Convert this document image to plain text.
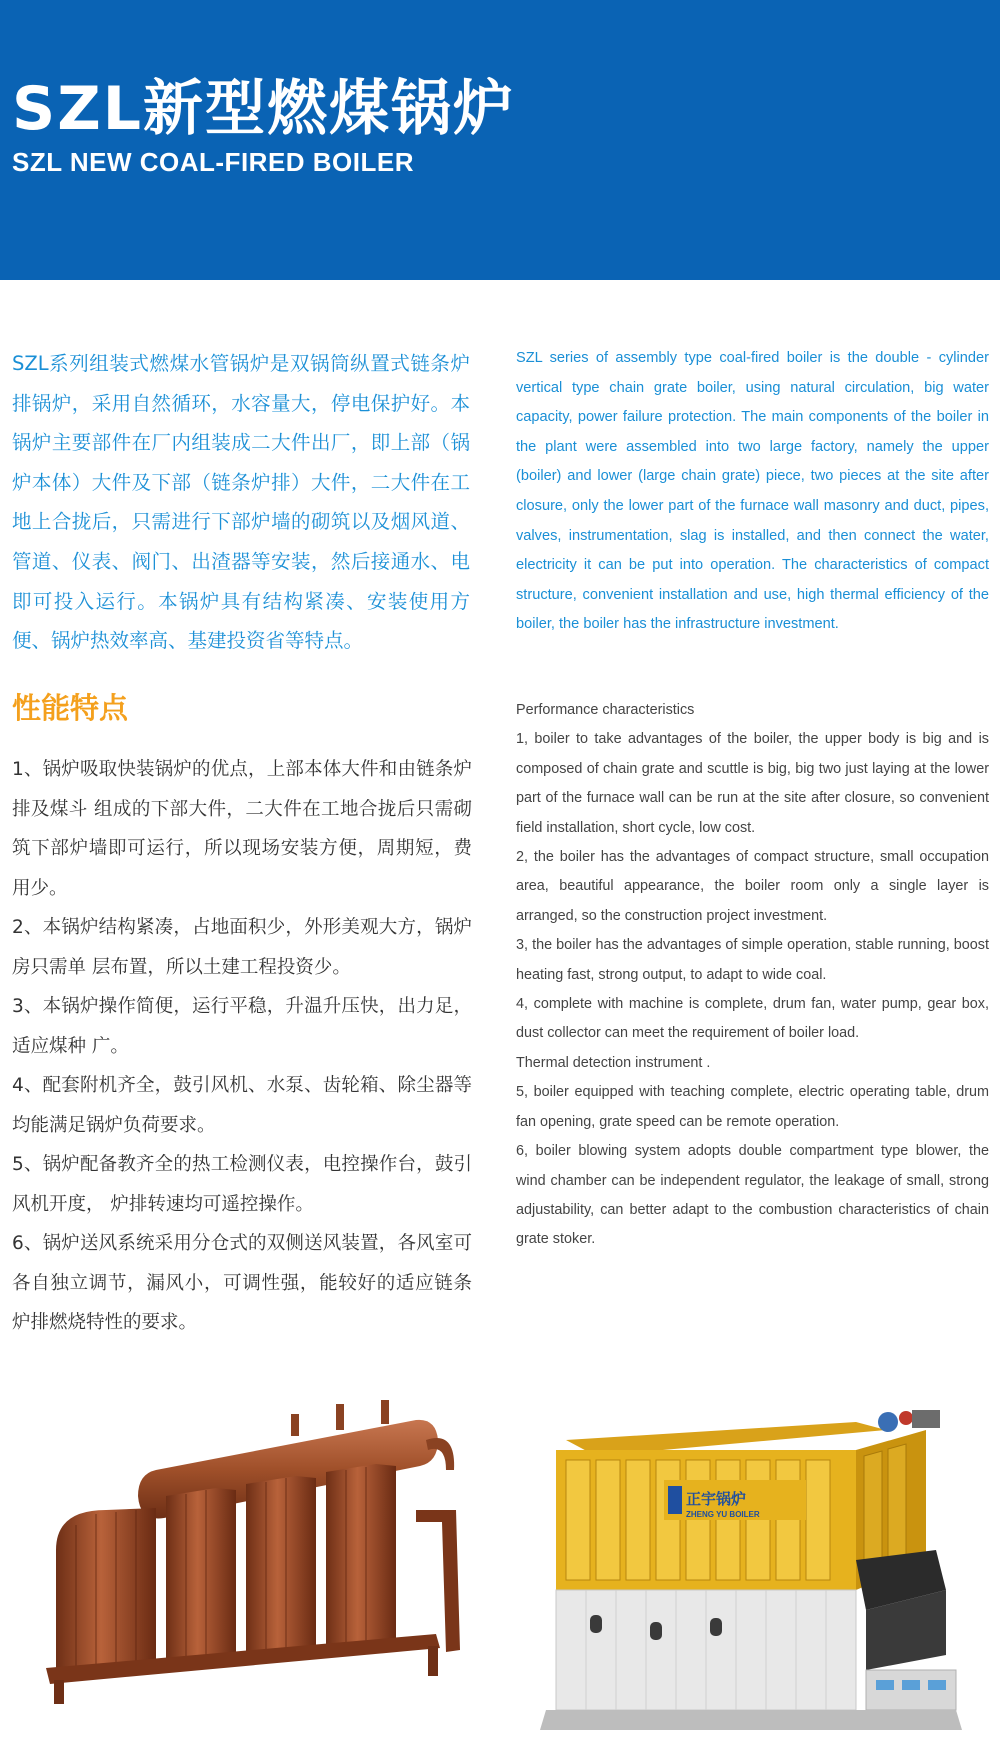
SZL新型燃煤锅炉
SZL NEW COAL-FIRED BOILER

SZL系列组装式燃煤水管锅炉是双锅筒纵置式链条炉排锅炉，采用自然循环，水容量大，停电保护好。本锅炉主要部件在厂内组装成二大件出厂，即上部（锅炉本体）大件及下部（链条炉排）大件，二大件在工地上合拢后，只需进行下部炉墙的砌筑以及烟风道、管道、仪表、阀门、出渣器等安装，然后接通水、电即可投入运行。本锅炉具有结构紧凑、安装使用方便、锅炉热效率高、基建投资省等特点。

SZL series of assembly type coal-fired boiler is the double - cylinder vertical type chain grate boiler, using natural circulation, big water capacity, power failure protection. The main components of the boiler in the plant were assembled into two large factory, namely the upper (boiler) and lower (large chain grate) piece, two pieces at the site after closure, only the lower part of the furnace wall masonry and duct, pipes, valves, instrumentation, slag is installed, and then connect the water, electricity it can be put into operation. The characteristics of compact structure, convenient installation and use, high thermal efficiency of the boiler, the boiler has the infrastructure investment.

性能特点

1、锅炉吸取快装锅炉的优点，上部本体大件和由链条炉排及煤斗 组成的下部大件，二大件在工地合拢后只需砌筑下部炉墙即可运行，所以现场安装方便，周期短，费用少。

2、本锅炉结构紧凑，占地面积少，外形美观大方，锅炉房只需单 层布置，所以土建工程投资少。

3、本锅炉操作简便，运行平稳，升温升压快，出力足，适应煤种 广。

4、配套附机齐全，鼓引风机、水泵、齿轮箱、除尘器等均能满足锅炉负荷要求。

5、锅炉配备教齐全的热工检测仪表，电控操作台，鼓引风机开度， 炉排转速均可遥控操作。

6、锅炉送风系统采用分仓式的双侧送风装置，各风室可各自独立调节，漏风小，可调性强，能较好的适应链条炉排燃烧特性的要求。

Performance characteristics

1, boiler to take advantages of the boiler, the upper body is big and is composed of chain grate and scuttle is big, big two just laying at the lower part of the furnace wall can be run at the site after closure, so convenient field installation, short cycle, low cost.

2, the boiler has the advantages of compact structure, small occupation area, beautiful appearance, the boiler room only a single layer is arranged, so the construction project investment.

3, the boiler has the advantages of simple operation, stable running, boost heating fast, strong output, to adapt to wide coal.

4, complete with machine is complete, drum fan, water pump, gear box, dust collector can meet the requirement of boiler load.

Thermal detection instrument .

5, boiler equipped with teaching complete, electric operating table, drum fan opening, grate speed can be remote operation.

6, boiler blowing system adopts double compartment type blower, the wind chamber can be independent regulator, the leakage of small, strong adjustability, can better adapt to the combustion characteristics of chain grate stoker.

正宇锅炉
ZHENG YU BOILER
